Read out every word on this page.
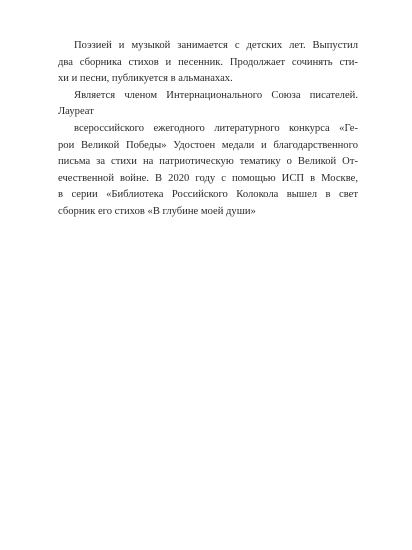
Поэзией и музыкой занимается с детских лет. Выпустил
два сборника стихов и песенник. Продолжает сочинять сти-
хи и песни, публикуется в альманахах.
Является членом Интернационального Союза писателей.
Лауреат
всероссийского ежегодного литературного конкурса «Ге-
рои Великой Победы» Удостоен медали и благодарственного
письма за стихи на патриотическую тематику о Великой От-
ечественной войне. В 2020 году с помощью ИСП в Москве,
в серии «Библиотека Российского Колокола вышел в свет
сборник его стихов «В глубине моей души»
